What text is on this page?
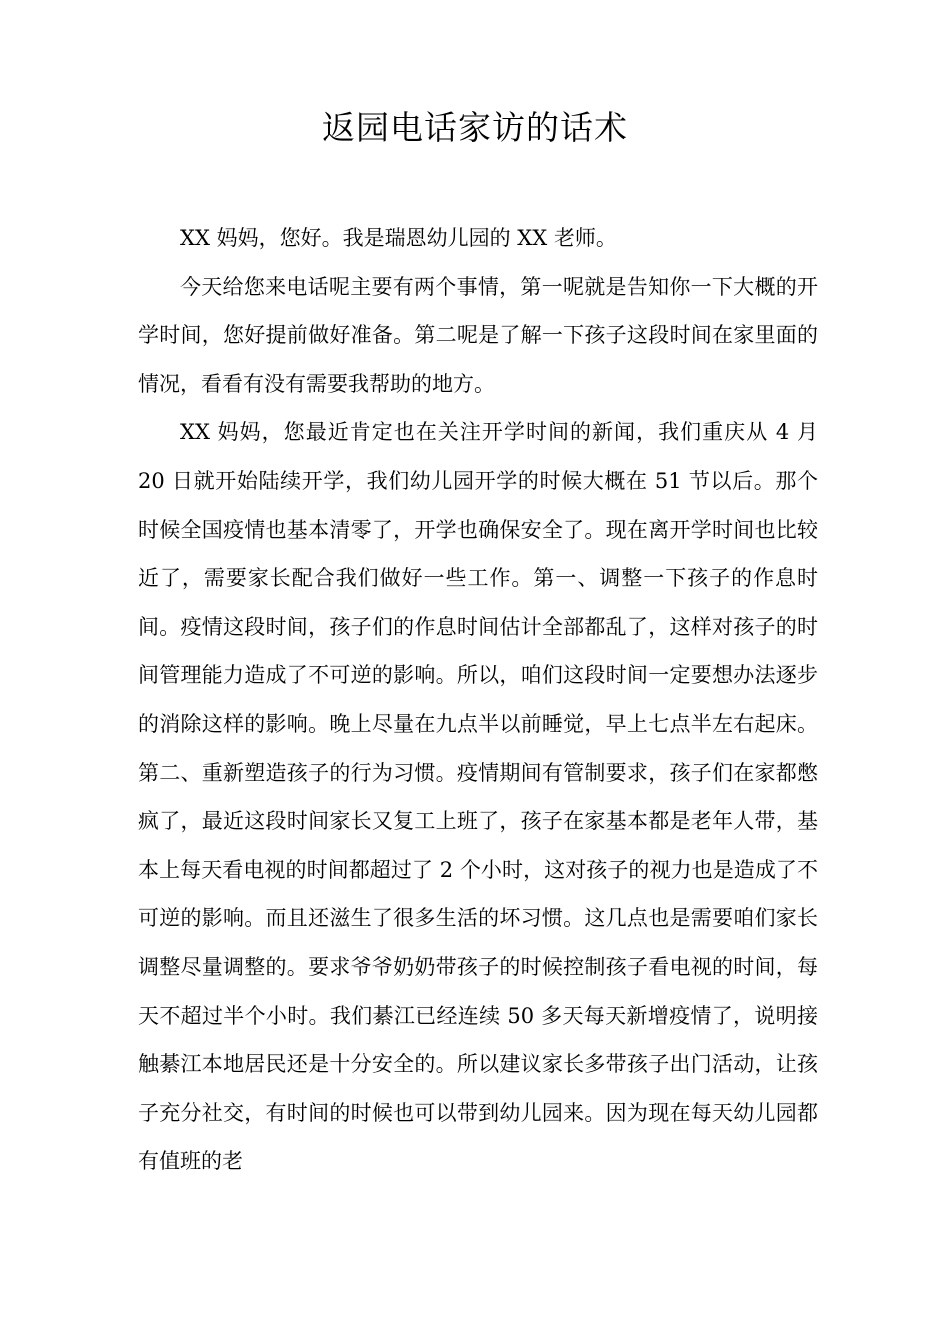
返园电话家访的话术

XX 妈妈，您好。我是瑞恩幼儿园的 XX 老师。

今天给您来电话呢主要有两个事情，第一呢就是告知你一下大概的开学时间，您好提前做好准备。第二呢是了解一下孩子这段时间在家里面的情况，看看有没有需要我帮助的地方。

XX 妈妈，您最近肯定也在关注开学时间的新闻，我们重庆从 4 月 20 日就开始陆续开学，我们幼儿园开学的时候大概在 51 节以后。那个时候全国疫情也基本清零了，开学也确保安全了。现在离开学时间也比较近了，需要家长配合我们做好一些工作。第一、调整一下孩子的作息时间。疫情这段时间，孩子们的作息时间估计全部都乱了，这样对孩子的时间管理能力造成了不可逆的影响。所以，咱们这段时间一定要想办法逐步的消除这样的影响。晚上尽量在九点半以前睡觉，早上七点半左右起床。第二、重新塑造孩子的行为习惯。疫情期间有管制要求，孩子们在家都憋疯了，最近这段时间家长又复工上班了，孩子在家基本都是老年人带，基本上每天看电视的时间都超过了 2 个小时，这对孩子的视力也是造成了不可逆的影响。而且还滋生了很多生活的坏习惯。这几点也是需要咱们家长调整尽量调整的。要求爷爷奶奶带孩子的时候控制孩子看电视的时间，每天不超过半个小时。我们綦江已经连续 50 多天每天新增疫情了，说明接触綦江本地居民还是十分安全的。所以建议家长多带孩子出门活动，让孩子充分社交，有时间的时候也可以带到幼儿园来。因为现在每天幼儿园都有值班的老
